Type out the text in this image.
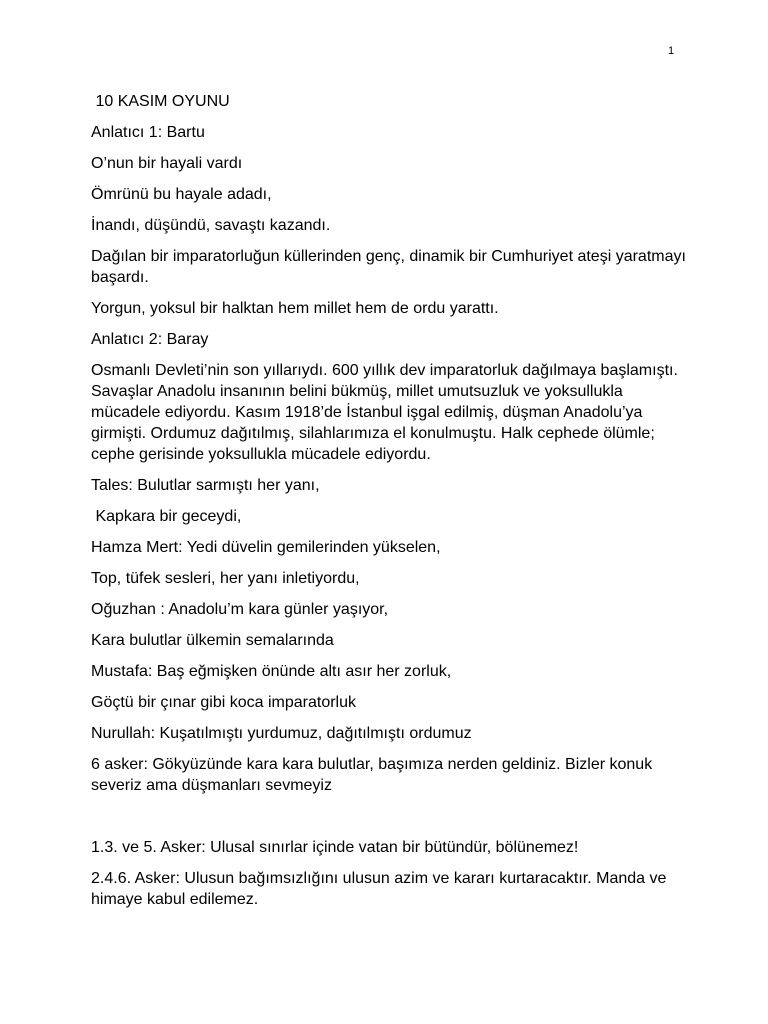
1

10 KASIM OYUNU

Anlatıcı 1: Bartu

O’nun bir hayali vardı

Ömrünü bu hayale adadı,

İnandı, düşündü, savaştı kazandı.

Dağılan bir imparatorluğun küllerinden genç, dinamik bir Cumhuriyet ateşi yaratmayı başardı.

Yorgun, yoksul bir halktan hem millet hem de ordu yarattı.

Anlatıcı 2: Baray

Osmanlı Devleti’nin son yıllarıydı. 600 yıllık dev imparatorluk dağılmaya başlamıştı. Savaşlar Anadolu insanının belini bükmüş, millet umutsuzluk ve yoksullukla mücadele ediyordu. Kasım 1918’de İstanbul işgal edilmiş, düşman Anadolu’ya girmişti. Ordumuz dağıtılmış, silahlarımıza el konulmuştu. Halk cephede ölümle; cephe gerisinde yoksullukla mücadele ediyordu.

Tales: Bulutlar sarmıştı her yanı,

Kapkara bir geceydi,

Hamza Mert: Yedi düvelin gemilerinden yükselen,

Top, tüfek sesleri, her yanı inletiyordu,

Oğuzhan : Anadolu’m kara günler yaşıyor,

Kara bulutlar ülkemin semalarında

Mustafa: Baş eğmişken önünde altı asır her zorluk,

Göçtü bir çınar gibi koca imparatorluk

Nurullah: Kuşatılmıştı yurdumuz, dağıtılmıştı ordumuz

6 asker: Gökyüzünde kara kara bulutlar, başımıza nerden geldiniz. Bizler konuk severiz ama düşmanları sevmeyiz

1.3. ve 5. Asker: Ulusal sınırlar içinde vatan bir bütündür, bölünemez!

2.4.6. Asker: Ulusun bağımsızlığını ulusun azim ve kararı kurtaracaktır. Manda ve himaye kabul edilemez.
